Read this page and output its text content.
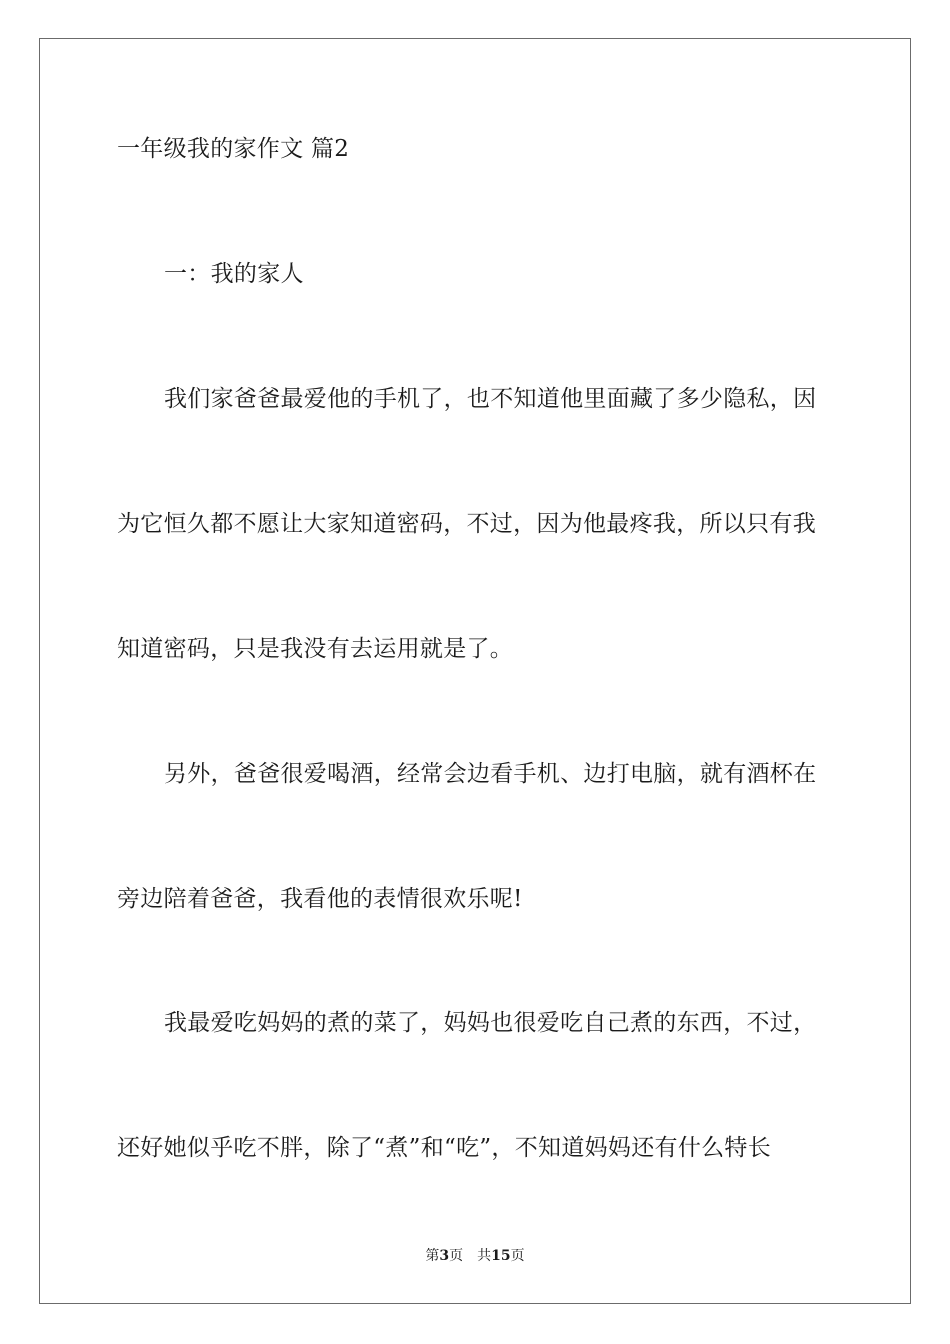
一年级我的家作文 篇2
一：我的家人
我们家爸爸最爱他的手机了，也不知道他里面藏了多少隐私，因
为它恒久都不愿让大家知道密码，不过，因为他最疼我，所以只有我
知道密码，只是我没有去运用就是了。
另外，爸爸很爱喝酒，经常会边看手机、边打电脑，就有酒杯在
旁边陪着爸爸，我看他的表情很欢乐呢!
我最爱吃妈妈的煮的菜了，妈妈也很爱吃自己煮的东西，不过，
还好她似乎吃不胖，除了“煮”和“吃”，不知道妈妈还有什么特长
第3页 共15页
